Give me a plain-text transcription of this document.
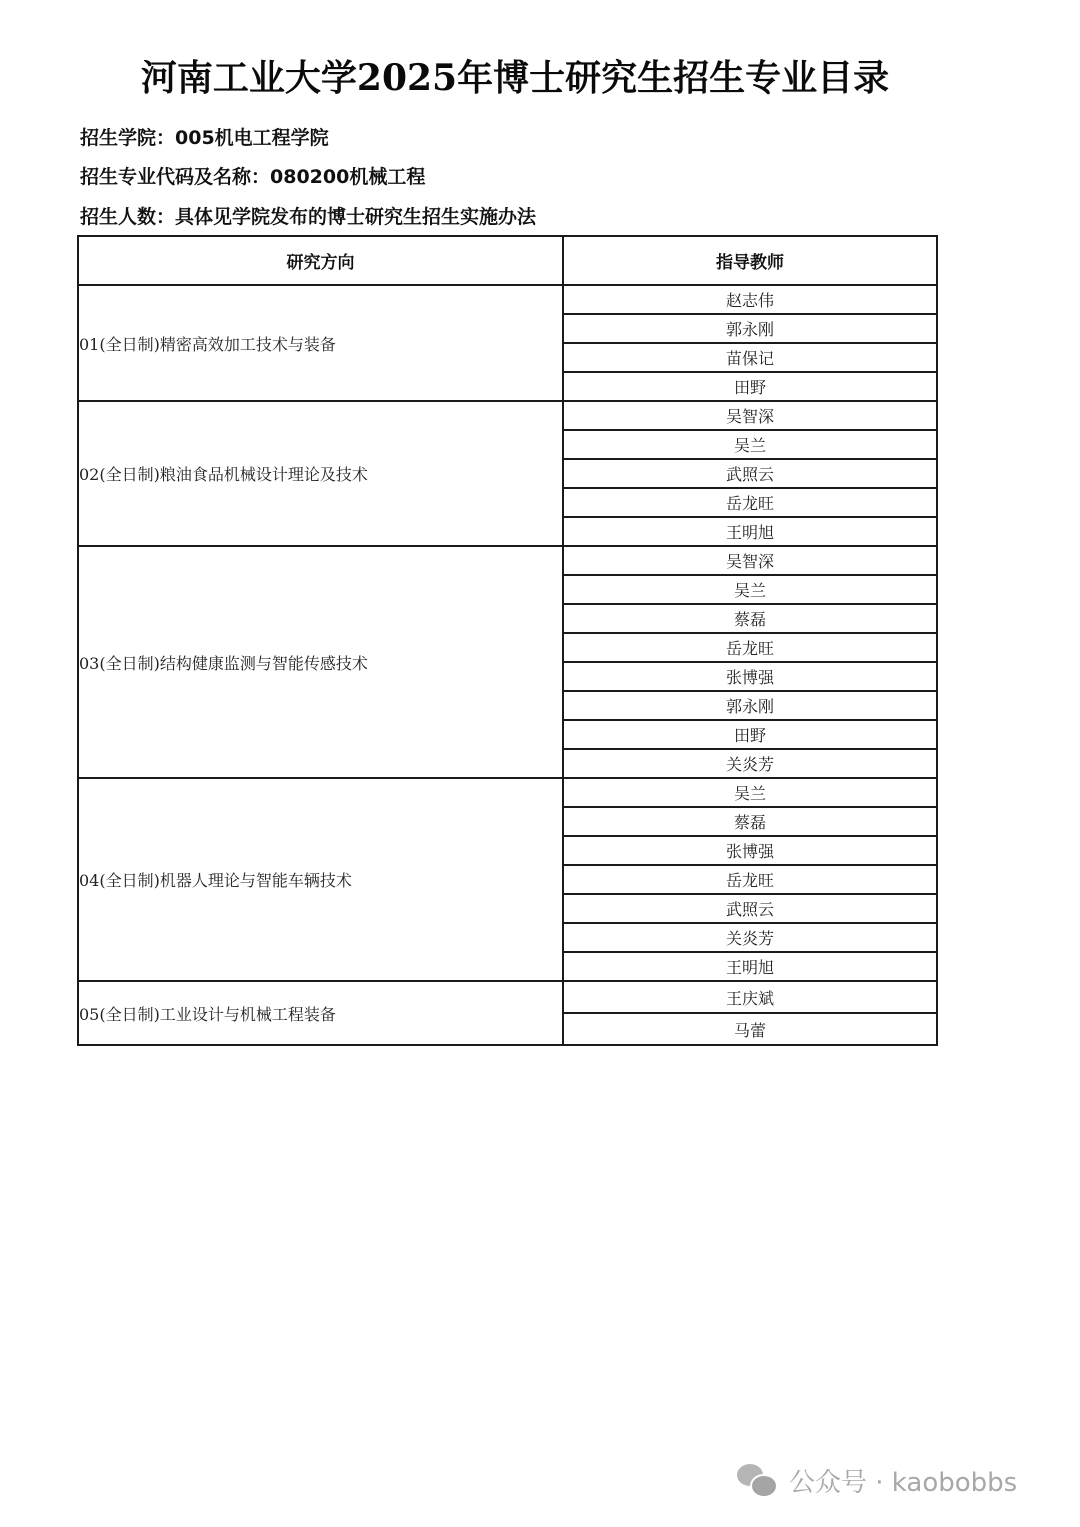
河南工业大学2025年博士研究生招生专业目录
招生学院：005机电工程学院
招生专业代码及名称：080200机械工程
招生人数：具体见学院发布的博士研究生招生实施办法
研究方向	指导教师
01(全日制)精密高效加工技术与装备	赵志伟
	郭永刚
	苗保记
	田野
02(全日制)粮油食品机械设计理论及技术	吴智深
	吴兰
	武照云
	岳龙旺
	王明旭
03(全日制)结构健康监测与智能传感技术	吴智深
	吴兰
	蔡磊
	岳龙旺
	张博强
	郭永刚
	田野
	关炎芳
04(全日制)机器人理论与智能车辆技术	吴兰
	蔡磊
	张博强
	岳龙旺
	武照云
	关炎芳
	王明旭
05(全日制)工业设计与机械工程装备	王庆斌
	马蕾
公众号 · kaobobbs
